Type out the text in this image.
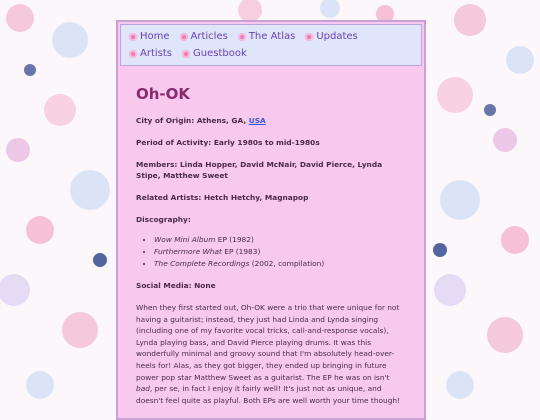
Home Articles The Atlas Updates
Artists Guestbook
Oh-OK

City of Origin: Athens, GA, USA

Period of Activity: Early 1980s to mid-1980s

Members: Linda Hopper, David McNair, David Pierce, Lynda Stipe, Matthew Sweet

Related Artists: Hetch Hetchy, Magnapop

Discography:

• Wow Mini Album EP (1982)
• Furthermore What EP (1983)
• The Complete Recordings (2002, compilation)

Social Media: None

When they first started out, Oh-OK were a trio that were unique for not having a guitarist; instead, they just had Linda and Lynda singing (including one of my favorite vocal tricks, call-and-response vocals), Lynda playing bass, and David Pierce playing drums. It was this wonderfully minimal and groovy sound that I'm absolutely head-over-heels for! Alas, as they got bigger, they ended up bringing in future power pop star Matthew Sweet as a guitarist. The EP he was on isn't bad, per se, in fact I enjoy it fairly well! It's just not as unique, and doesn't feel quite as playful. Both EPs are well worth your time though!
